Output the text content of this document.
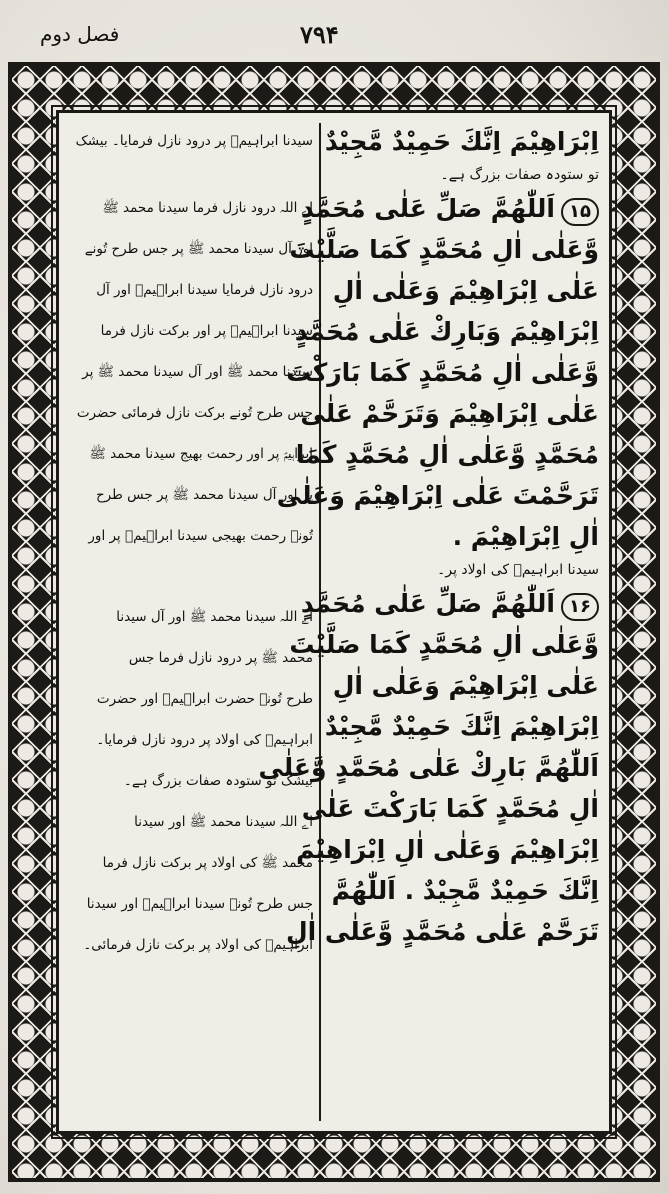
فصل دوم	۷۹۴
اِبْرَاهِيْمَ اِنَّكَ حَمِيْدٌ مَّجِيْدٌ
تو ستودہ صفات بزرگ ہے۔
۱۵اَللّٰهُمَّ صَلِّ عَلٰى مُحَمَّدٍ
وَّعَلٰى اٰلِ مُحَمَّدٍ كَمَا صَلَّيْتَ
عَلٰى اِبْرَاهِيْمَ وَعَلٰى اٰلِ
اِبْرَاهِيْمَ وَبَارِكْ عَلٰى مُحَمَّدٍ
وَّعَلٰى اٰلِ مُحَمَّدٍ كَمَا بَارَكْتَ
عَلٰى اِبْرَاهِيْمَ وَتَرَحَّمْ عَلٰى
مُحَمَّدٍ وَّعَلٰى اٰلِ مُحَمَّدٍ كَمَا
تَرَحَّمْتَ عَلٰى اِبْرَاهِيْمَ وَعَلٰى
اٰلِ اِبْرَاهِيْمَ .
سیدنا ابراہیمؑ کی اولاد پر۔
۱۶اَللّٰهُمَّ صَلِّ عَلٰى مُحَمَّدٍ
وَّعَلٰى اٰلِ مُحَمَّدٍ كَمَا صَلَّيْتَ
عَلٰى اِبْرَاهِيْمَ وَعَلٰى اٰلِ
اِبْرَاهِيْمَ اِنَّكَ حَمِيْدٌ مَّجِيْدٌ
اَللّٰهُمَّ بَارِكْ عَلٰى مُحَمَّدٍ وَّعَلٰى
اٰلِ مُحَمَّدٍ كَمَا بَارَكْتَ عَلٰى
اِبْرَاهِيْمَ وَعَلٰى اٰلِ اِبْرَاهِيْمَ
اِنَّكَ حَمِيْدٌ مَّجِيْدٌ . اَللّٰهُمَّ
تَرَحَّمْ عَلٰى مُحَمَّدٍ وَّعَلٰى اٰلِ
سیدنا ابراہیمؑ پر درود نازل فرمایا۔ بیشک
اے اللہ درود نازل فرما سیدنا محمد ﷺ
اور آل سیدنا محمد ﷺ پر جس طرح تُونے
درود نازل فرمایا سیدنا ابراہیمؑ اور آل
سیدنا ابراہیمؑ پر اور برکت نازل فرما
سیدنا محمد ﷺ اور آل سیدنا محمد ﷺ پر
جس طرح تُونے برکت نازل فرمائی حضرت
ابراہیمؑ پر اور رحمت بھیج سیدنا محمد ﷺ
پر اور آل سیدنا محمد ﷺ پر جس طرح
تُونے رحمت بھیجی سیدنا ابراہیمؑ پر اور
اے اللہ سیدنا محمد ﷺ اور آل سیدنا
محمد ﷺ پر درود نازل فرما جس
طرح تُونے حضرت ابراہیمؑ اور حضرت
ابراہیمؑ کی اولاد پر درود نازل فرمایا۔
بیشک تو ستودہ صفات بزرگ ہے۔
اے اللہ سیدنا محمد ﷺ اور سیدنا
محمد ﷺ کی اولاد پر برکت نازل فرما
جس طرح تُونے سیدنا ابراہیمؑ اور سیدنا
ابراہیمؑ کی اولاد پر برکت نازل فرمائی۔
